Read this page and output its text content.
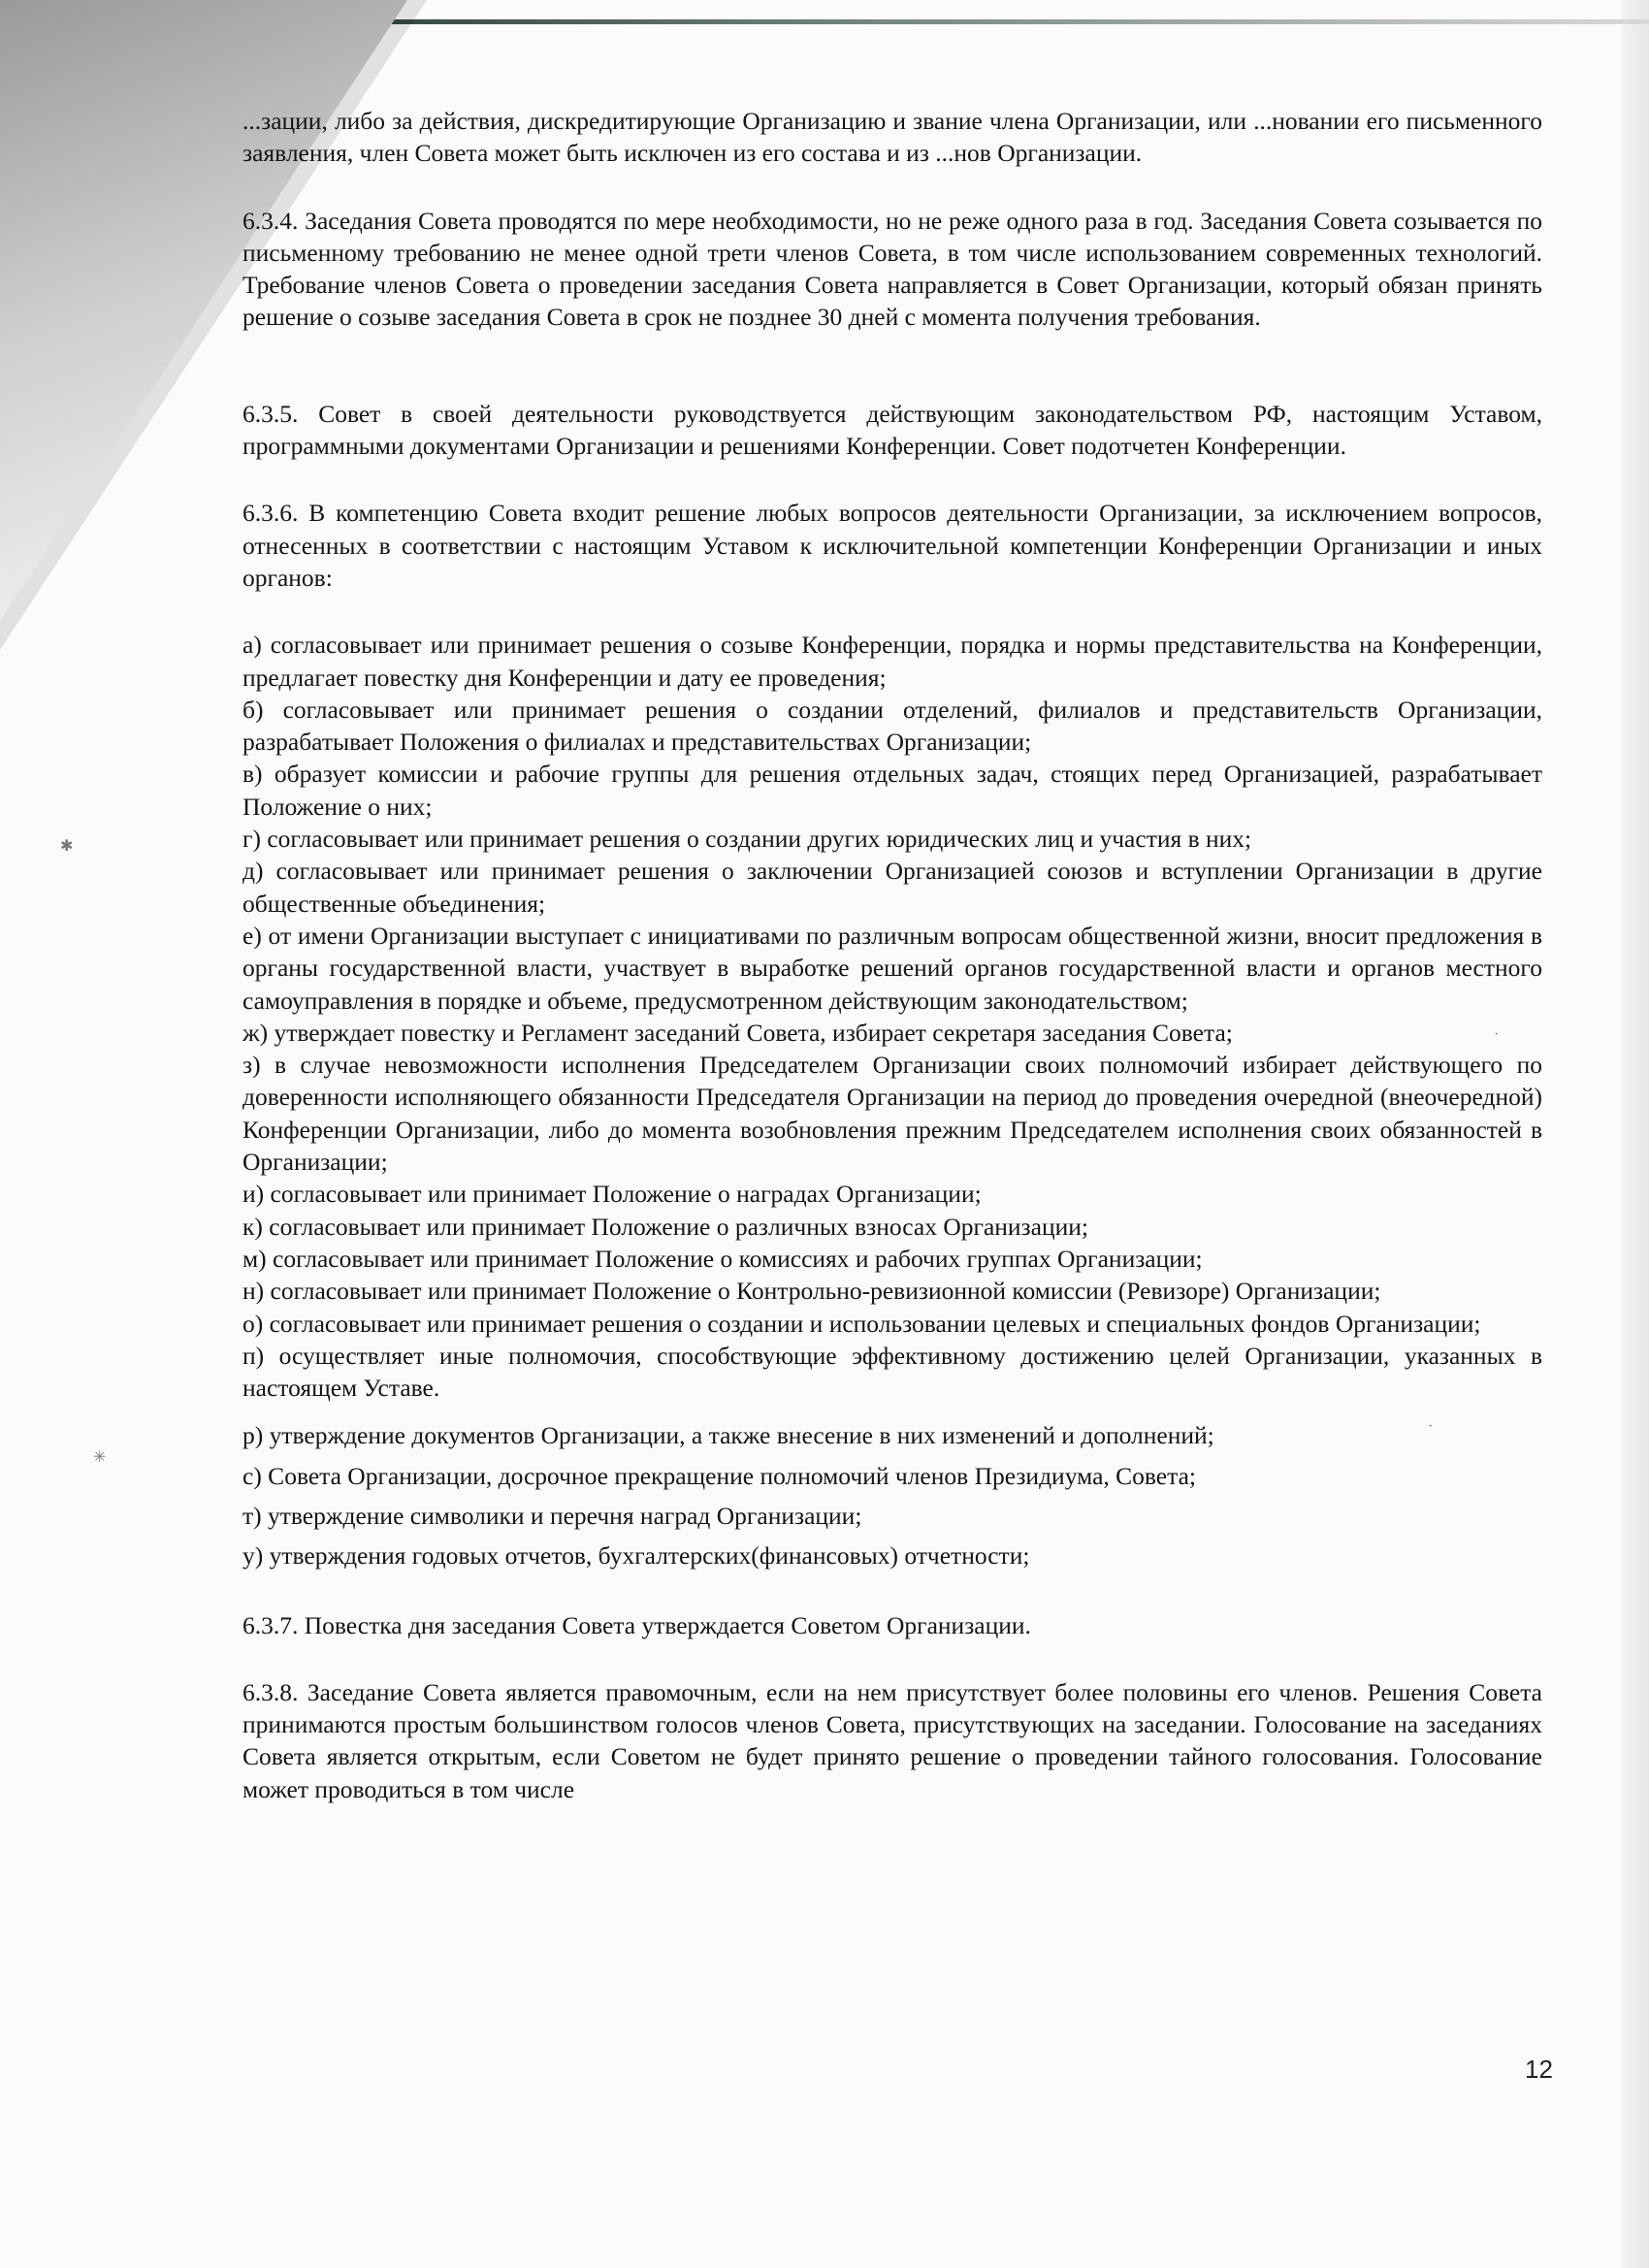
✱
✳
·
·

...зации, либо за действия, дискредитирующие Организацию и звание члена Организации, или ...новании его письменного заявления, член Совета может быть исключен из его состава и из ...нов Организации.

6.3.4. Заседания Совета проводятся по мере необходимости, но не реже одного раза в год. Заседания Совета созывается по письменному требованию не менее одной трети членов Совета, в том числе использованием современных технологий. Требование членов Совета о проведении заседания Совета направляется в Совет Организации, который обязан принять решение о созыве заседания Совета в срок не позднее 30 дней с момента получения требования.

6.3.5. Совет в своей деятельности руководствуется действующим законодательством РФ, настоящим Уставом, программными документами Организации и решениями Конференции. Совет подотчетен Конференции.

6.3.6. В компетенцию Совета входит решение любых вопросов деятельности Организации, за исключением вопросов, отнесенных в соответствии с настоящим Уставом к исключительной компетенции Конференции Организации и иных органов:

а) согласовывает или принимает решения о созыве Конференции, порядка и нормы представительства на Конференции, предлагает повестку дня Конференции и дату ее проведения;

б) согласовывает или принимает решения о создании отделений, филиалов и представительств Организации, разрабатывает Положения о филиалах и представительствах Организации;

в) образует комиссии и рабочие группы для решения отдельных задач, стоящих перед Организацией, разрабатывает Положение о них;

г) согласовывает или принимает решения о создании других юридических лиц и участия в них;

д) согласовывает или принимает решения о заключении Организацией союзов и вступлении Организации в другие общественные объединения;

е) от имени Организации выступает с инициативами по различным вопросам общественной жизни, вносит предложения в органы государственной власти, участвует в выработке решений органов государственной власти и органов местного самоуправления в порядке и объеме, предусмотренном действующим законодательством;

ж) утверждает повестку и Регламент заседаний Совета, избирает секретаря заседания Совета;

з) в случае невозможности исполнения Председателем Организации своих полномочий избирает действующего по доверенности исполняющего обязанности Председателя Организации на период до проведения очередной (внеочередной) Конференции Организации, либо до момента возобновления прежним Председателем исполнения своих обязанностей в Организации;

и) согласовывает или принимает Положение о наградах Организации;

к) согласовывает или принимает Положение о различных взносах Организации;

м) согласовывает или принимает Положение о комиссиях и рабочих группах Организации;

н) согласовывает или принимает Положение о Контрольно-ревизионной комиссии (Ревизоре) Организации;

о) согласовывает или принимает решения о создании и использовании целевых и специальных фондов Организации;

п) осуществляет иные полномочия, способствующие эффективному достижению целей Организации, указанных в настоящем Уставе.

р) утверждение документов Организации, а также внесение в них изменений и дополнений;

с) Совета Организации, досрочное прекращение полномочий членов Президиума, Совета;

т) утверждение символики и перечня наград Организации;

у) утверждения годовых отчетов, бухгалтерских(финансовых) отчетности;

6.3.7. Повестка дня заседания Совета утверждается Советом Организации.

6.3.8. Заседание Совета является правомочным, если на нем присутствует более половины его членов. Решения Совета принимаются простым большинством голосов членов Совета, присутствующих на заседании. Голосование на заседаниях Совета является открытым, если Советом не будет принято решение о проведении тайного голосования. Голосование может проводиться в том числе

12
